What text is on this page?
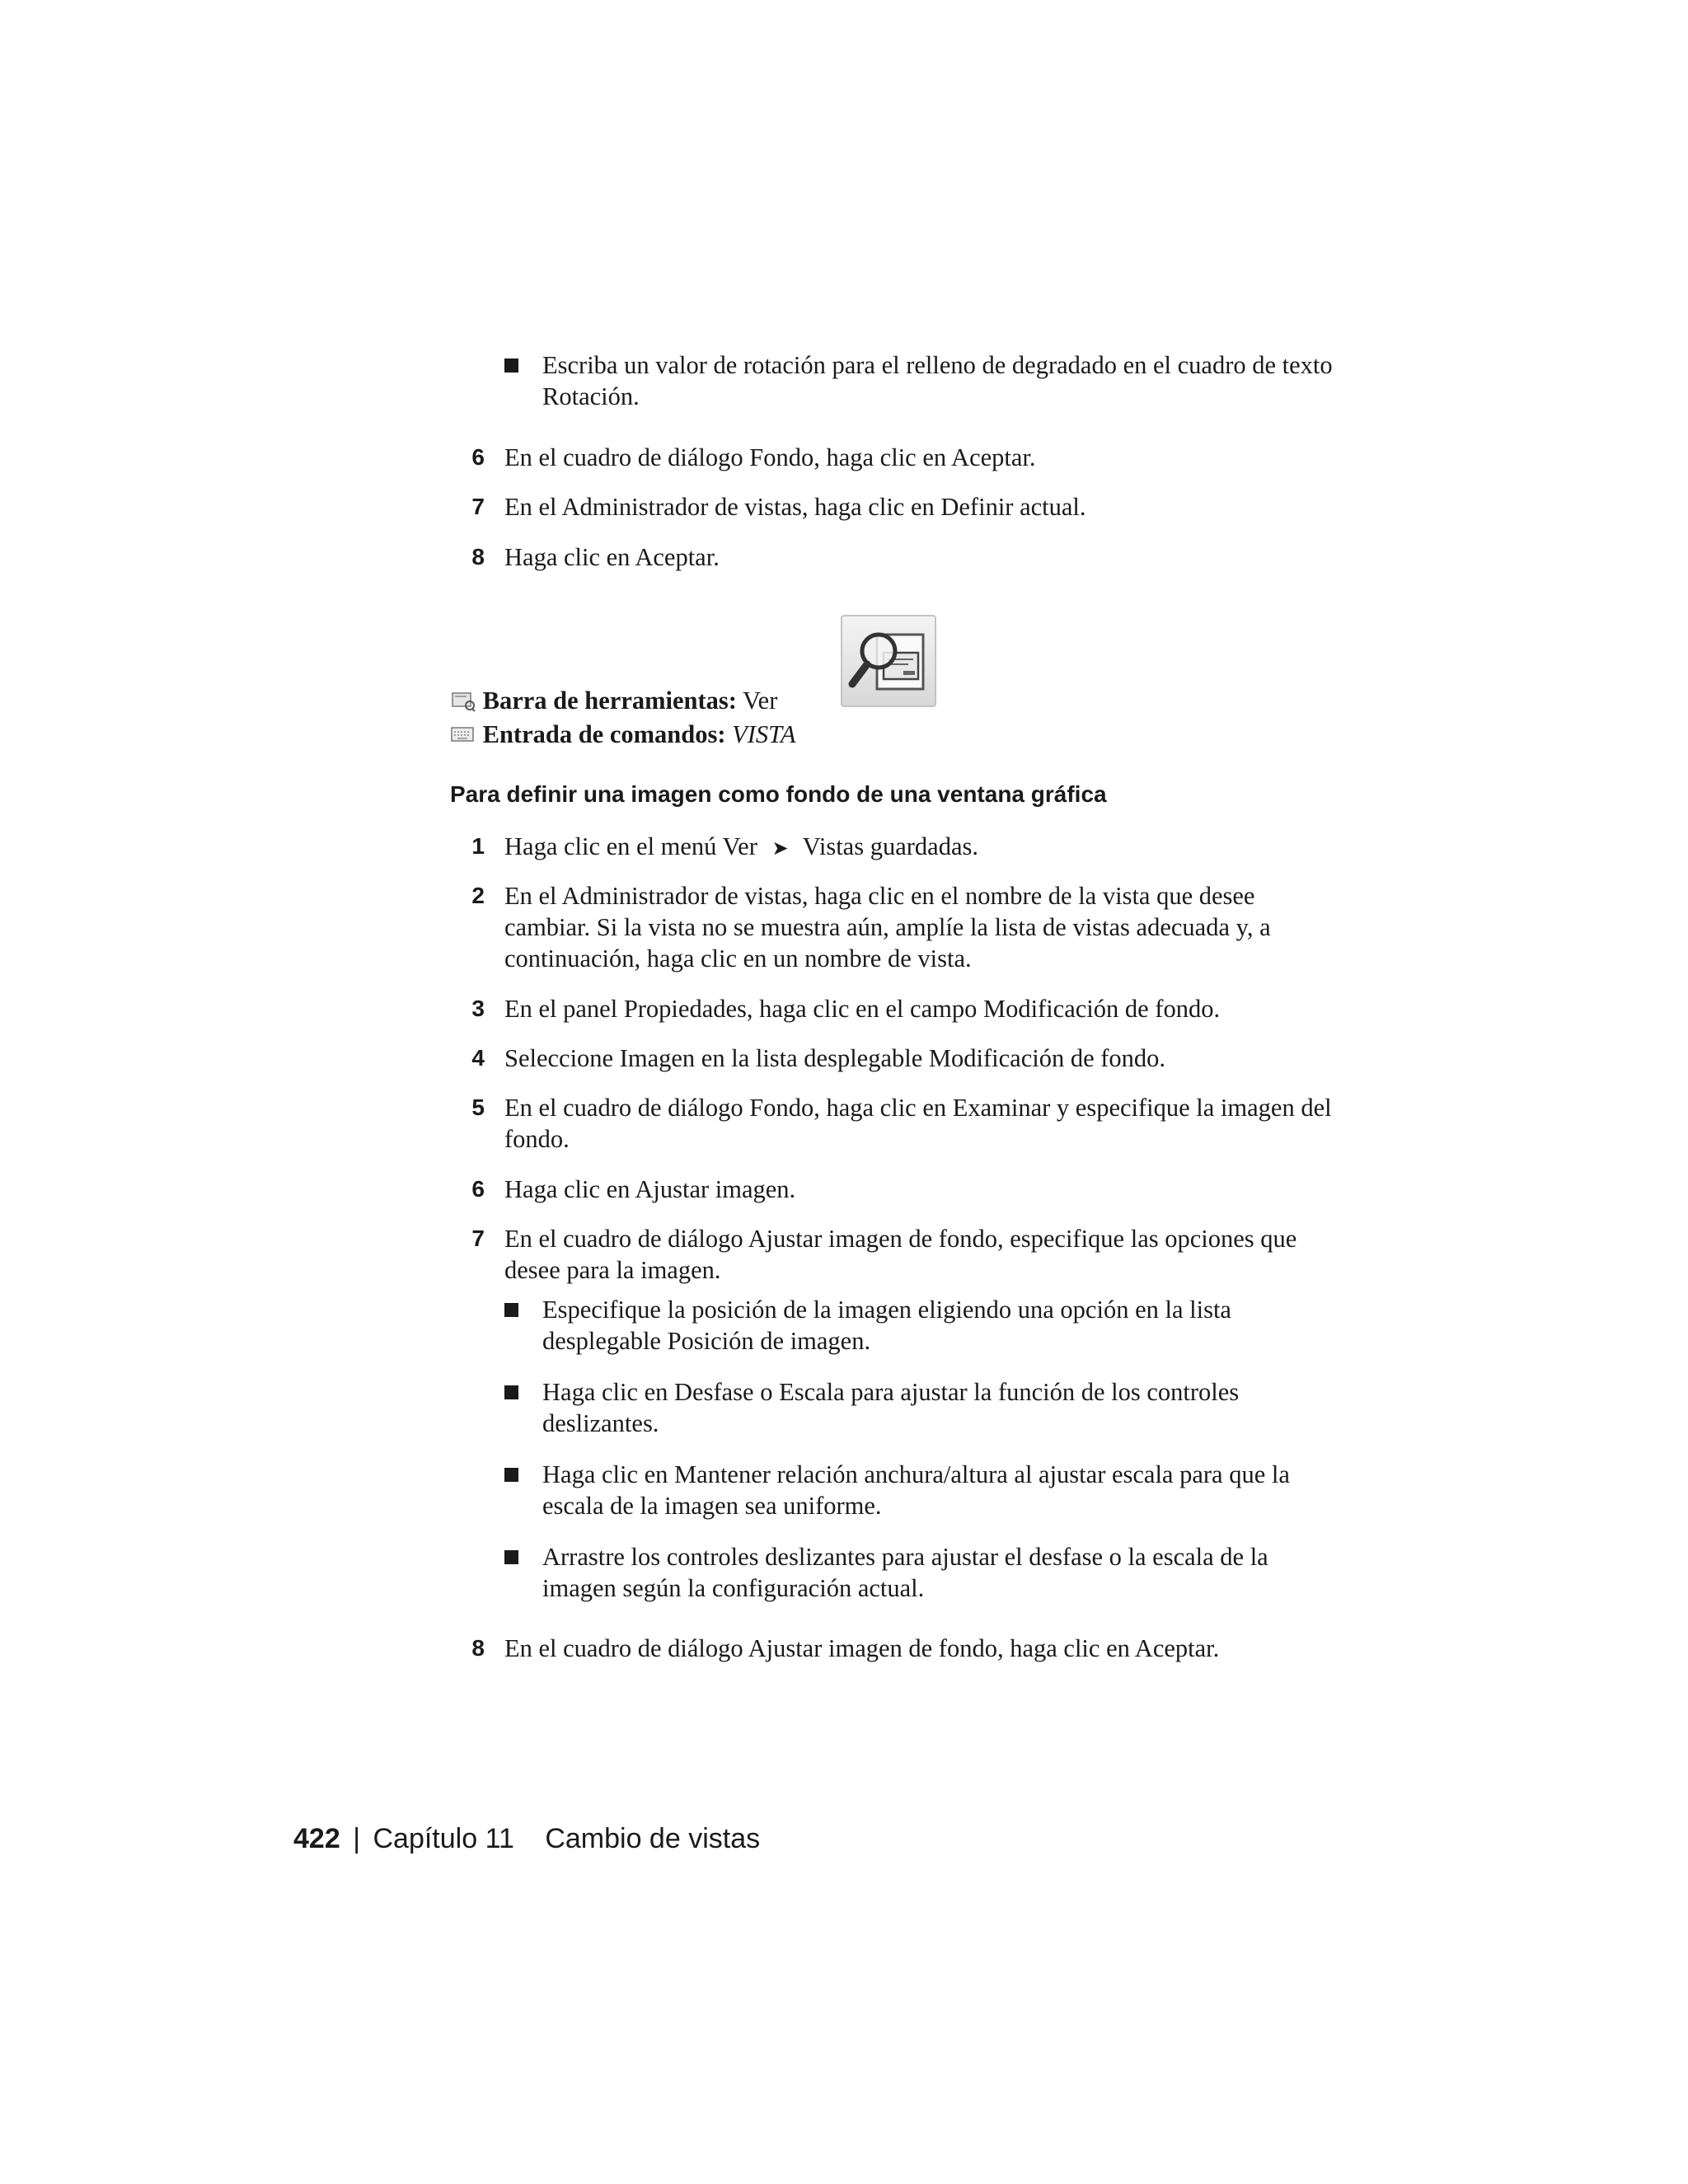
Escriba un valor de rotación para el relleno de degradado en el cuadro de texto Rotación.
6 En el cuadro de diálogo Fondo, haga clic en Aceptar.
7 En el Administrador de vistas, haga clic en Definir actual.
8 Haga clic en Aceptar.
Barra de herramientas: Ver
Entrada de comandos: VISTA
Para definir una imagen como fondo de una ventana gráfica
1 Haga clic en el menú Ver ➤ Vistas guardadas.
2 En el Administrador de vistas, haga clic en el nombre de la vista que desee cambiar. Si la vista no se muestra aún, amplíe la lista de vistas adecuada y, a continuación, haga clic en un nombre de vista.
3 En el panel Propiedades, haga clic en el campo Modificación de fondo.
4 Seleccione Imagen en la lista desplegable Modificación de fondo.
5 En el cuadro de diálogo Fondo, haga clic en Examinar y especifique la imagen del fondo.
6 Haga clic en Ajustar imagen.
7 En el cuadro de diálogo Ajustar imagen de fondo, especifique las opciones que desee para la imagen.
Especifique la posición de la imagen eligiendo una opción en la lista desplegable Posición de imagen.
Haga clic en Desfase o Escala para ajustar la función de los controles deslizantes.
Haga clic en Mantener relación anchura/altura al ajustar escala para que la escala de la imagen sea uniforme.
Arrastre los controles deslizantes para ajustar el desfase o la escala de la imagen según la configuración actual.
8 En el cuadro de diálogo Ajustar imagen de fondo, haga clic en Aceptar.
422 | Capítulo 11 Cambio de vistas
